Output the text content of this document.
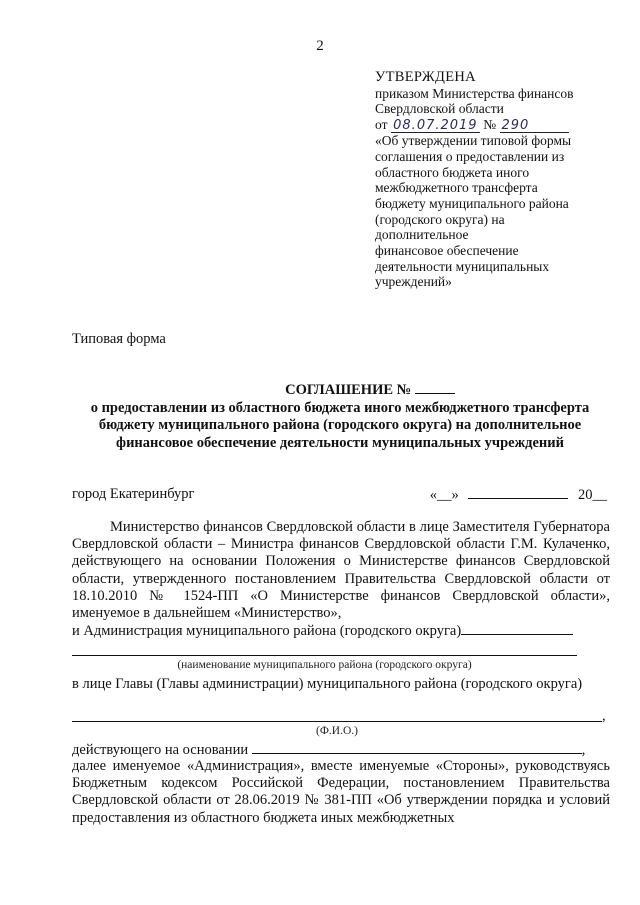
2
УТВЕРЖДЕНА
приказом Министерства финансов
Свердловской области
от 08.07.2019 № 290
«Об утверждении типовой формы
соглашения о предоставлении из
областного бюджета иного
межбюджетного трансферта
бюджету муниципального района
(городского округа) на
дополнительное
финансовое обеспечение
деятельности муниципальных
учреждений»
Типовая форма
СОГЛАШЕНИЕ №
о предоставлении из областного бюджета иного межбюджетного трансферта
бюджету муниципального района (городского округа) на дополнительное
финансовое обеспечение деятельности муниципальных учреждений
город Екатеринбург	«__»	20__
Министерство финансов Свердловской области в лице Заместителя Губернатора Свердловской области – Министра финансов Свердловской области Г.М. Кулаченко, действующего на основании Положения о Министерстве финансов Свердловской области, утвержденного постановлением Правительства Свердловской области от 18.10.2010 № 1524-ПП «О Министерстве финансов Свердловской области», именуемое в дальнейшем «Министерство»,
и Администрация муниципального района (городского округа)
(наименование муниципального района (городского округа)
в лице Главы (Главы администрации) муниципального района (городского округа)
,
(Ф.И.О.)
действующего на основании	,
далее именуемое «Администрация», вместе именуемые «Стороны», руководствуясь Бюджетным кодексом Российской Федерации, постановлением Правительства Свердловской области от 28.06.2019 № 381-ПП «Об утверждении порядка и условий предоставления из областного бюджета иных межбюджетных
